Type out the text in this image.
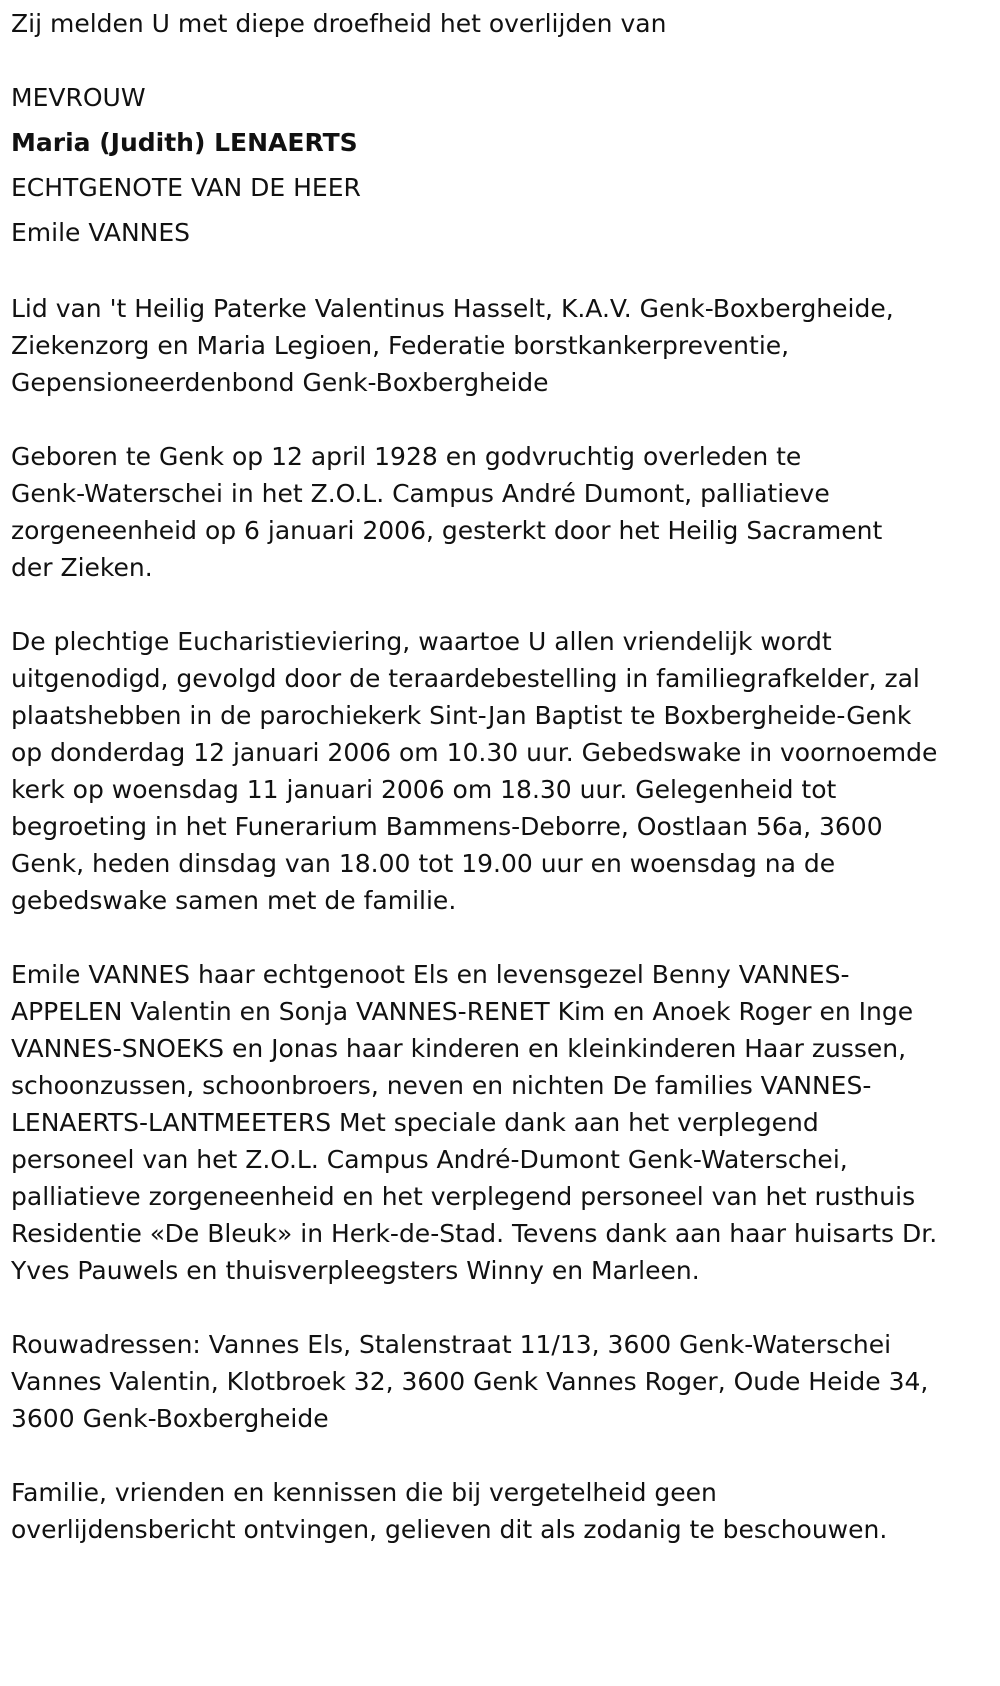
Zij melden U met diepe droefheid het overlijden van
MEVROUW
Maria (Judith) LENAERTS
ECHTGENOTE VAN DE HEER
Emile VANNES
Lid van 't Heilig Paterke Valentinus Hasselt, K.A.V. Genk-Boxbergheide,
Ziekenzorg en Maria Legioen, Federatie borstkankerpreventie,
Gepensioneerdenbond Genk-Boxbergheide
Geboren te Genk op 12 april 1928 en godvruchtig overleden te
Genk-Waterschei in het Z.O.L. Campus André Dumont, palliatieve
zorgeneenheid op 6 januari 2006, gesterkt door het Heilig Sacrament
der Zieken.
De plechtige Eucharistieviering, waartoe U allen vriendelijk wordt
uitgenodigd, gevolgd door de teraardebestelling in familiegrafkelder, zal
plaatshebben in de parochiekerk Sint-Jan Baptist te Boxbergheide-Genk
op donderdag 12 januari 2006 om 10.30 uur. Gebedswake in voornoemde
kerk op woensdag 11 januari 2006 om 18.30 uur. Gelegenheid tot
begroeting in het Funerarium Bammens-Deborre, Oostlaan 56a, 3600
Genk, heden dinsdag van 18.00 tot 19.00 uur en woensdag na de
gebedswake samen met de familie.
Emile VANNES haar echtgenoot Els en levensgezel Benny VANNES-
APPELEN Valentin en Sonja VANNES-RENET Kim en Anoek Roger en Inge
VANNES-SNOEKS en Jonas haar kinderen en kleinkinderen Haar zussen,
schoonzussen, schoonbroers, neven en nichten De families VANNES-
LENAERTS-LANTMEETERS Met speciale dank aan het verplegend
personeel van het Z.O.L. Campus André-Dumont Genk-Waterschei,
palliatieve zorgeneenheid en het verplegend personeel van het rusthuis
Residentie «De Bleuk» in Herk-de-Stad. Tevens dank aan haar huisarts Dr.
Yves Pauwels en thuisverpleegsters Winny en Marleen.
Rouwadressen: Vannes Els, Stalenstraat 11/13, 3600 Genk-Waterschei
Vannes Valentin, Klotbroek 32, 3600 Genk Vannes Roger, Oude Heide 34,
3600 Genk-Boxbergheide
Familie, vrienden en kennissen die bij vergetelheid geen
overlijdensbericht ontvingen, gelieven dit als zodanig te beschouwen.
